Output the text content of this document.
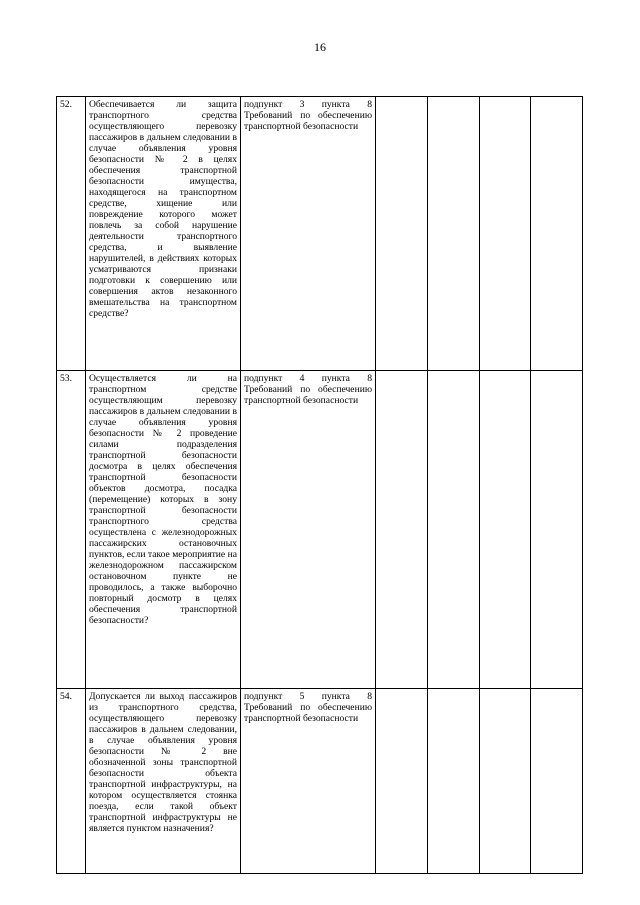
16
52.	Обеспечивается ли защита транспортного средства осуществляющего перевозку пассажиров в дальнем следовании в случае объявления уровня безопасности № 2 в целях обеспечения транспортной безопасности имущества, находящегося на транспортном средстве, хищение или повреждение которого может повлечь за собой нарушение деятельности транспортного средства, и выявление нарушителей, в действиях которых усматриваются признаки подготовки к совершению или совершения актов незаконного вмешательства на транспортном средстве?	подпункт 3 пункта 8 Требований по обеспечению транспортной безопасности				
53.	Осуществляется ли на транспортном средстве осуществляющим перевозку пассажиров в дальнем следовании в случае объявления уровня безопасности № 2 проведение силами подразделения транспортной безопасности досмотра в целях обеспечения транспортной безопасности объектов досмотра, посадка (перемещение) которых в зону транспортной безопасности транспортного средства осуществлена с железнодорожных пассажирских остановочных пунктов, если такое мероприятие на железнодорожном пассажирском остановочном пункте не проводилось, а также выборочно повторный досмотр в целях обеспечения транспортной безопасности?	подпункт 4 пункта 8 Требований по обеспечению транспортной безопасности				
54.	Допускается ли выход пассажиров из транспортного средства, осуществляющего перевозку пассажиров в дальнем следовании, в случае объявления уровня безопасности № 2 вне обозначенной зоны транспортной безопасности объекта транспортной инфраструктуры, на котором осуществляется стоянка поезда, если такой объект транспортной инфраструктуры не является пунктом назначения?	подпункт 5 пункта 8 Требований по обеспечению транспортной безопасности				
